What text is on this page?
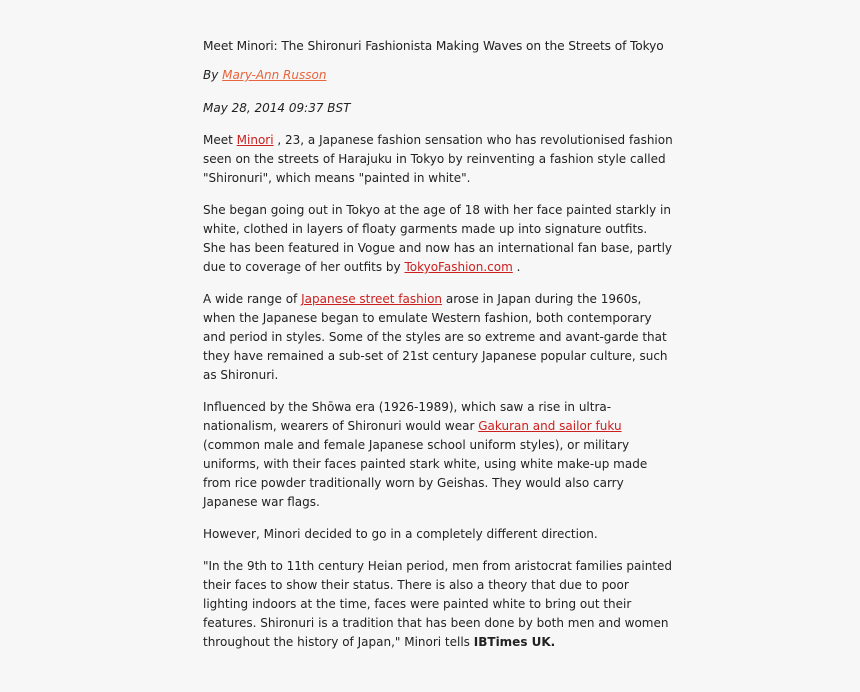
Meet Minori: The Shironuri Fashionista Making Waves on the Streets of Tokyo
By Mary-Ann Russon
May 28, 2014 09:37 BST

Meet Minori , 23, a Japanese fashion sensation who has revolutionised fashion seen on the streets of Harajuku in Tokyo by reinventing a fashion style called "Shironuri", which means "painted in white".

She began going out in Tokyo at the age of 18 with her face painted starkly in white, clothed in layers of floaty garments made up into signature outfits. She has been featured in Vogue and now has an international fan base, partly due to coverage of her outfits by TokyoFashion.com .

A wide range of Japanese street fashion arose in Japan during the 1960s, when the Japanese began to emulate Western fashion, both contemporary and period in styles. Some of the styles are so extreme and avant-garde that they have remained a sub-set of 21st century Japanese popular culture, such as Shironuri.

Influenced by the Shōwa era (1926-1989), which saw a rise in ultra-nationalism, wearers of Shironuri would wear Gakuran and sailor fuku (common male and female Japanese school uniform styles), or military uniforms, with their faces painted stark white, using white make-up made from rice powder traditionally worn by Geishas. They would also carry Japanese war flags.

However, Minori decided to go in a completely different direction.

"In the 9th to 11th century Heian period, men from aristocrat families painted their faces to show their status. There is also a theory that due to poor lighting indoors at the time, faces were painted white to bring out their features. Shironuri is a tradition that has been done by both men and women throughout the history of Japan," Minori tells IBTimes UK.
